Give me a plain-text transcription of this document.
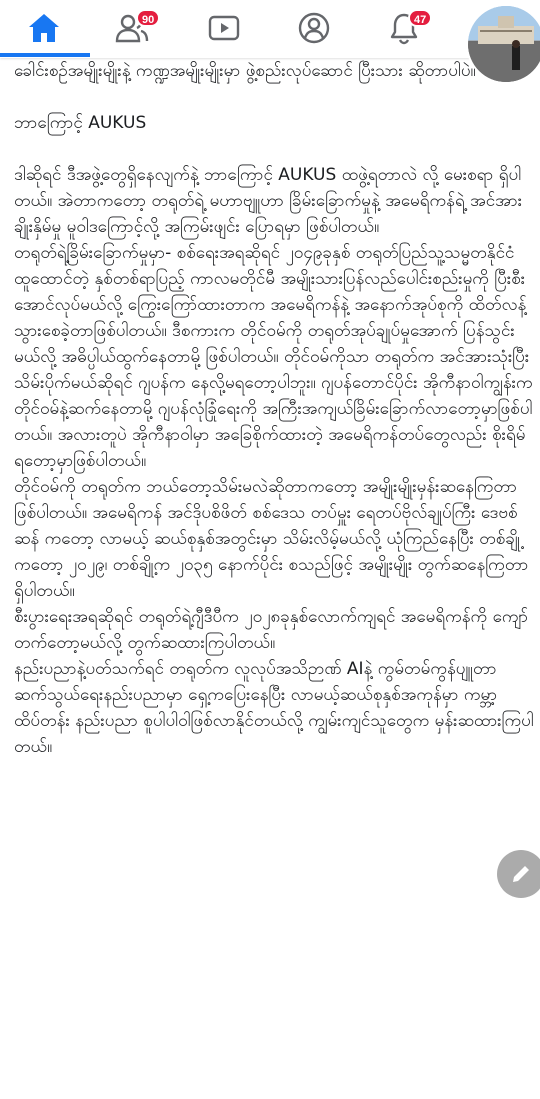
90	47

ခေါင်းစဉ်အမျိုးမျိုးနဲ့ ကဏ္ဍအမျိုးမျိုးမှာ ဖွဲ့စည်းလုပ်ဆောင် ပြီးသား ဆိုတာပါပဲ။

ဘာကြောင့် AUKUS

ဒါဆိုရင် ဒီအဖွဲ့တွေရှိနေလျက်နဲ့ ဘာကြောင့် AUKUS ထဖွဲ့ရတာလဲ လို့ မေးစရာ ရှိပါတယ်။ အဲတာကတော့ တရုတ်ရဲ့ မဟာဗျူဟာ ခြိမ်းခြောက်မှုနဲ့ အမေရိကန်ရဲ့ အင်အားချိုးနှိမ်မှု မူဝါဒကြောင့်လို့ အကြမ်းဖျင်း ပြောရမှာ ဖြစ်ပါတယ်။
တရုတ်ရဲ့ခြိမ်းခြောက်မှုမှာ- စစ်ရေးအရဆိုရင် ၂၀၄၉ခုနှစ် တရုတ်ပြည်သူ့သမ္မတနိုင်ငံထူထောင်တဲ့ နှစ်တစ်ရာပြည့် ကာလမတိုင်မီ အမျိုးသားပြန်လည်ပေါင်းစည်းမှုကို ပြီးစီးအောင်လုပ်မယ်လို့ ကြွေးကြော်ထားတာက အမေရိကန်နဲ့ အနောက်အုပ်စုကို ထိတ်လန့်သွားစေခဲ့တာဖြစ်ပါတယ်။ ဒီစကားက တိုင်ဝမ်ကို တရုတ်အုပ်ချုပ်မှုအောက် ပြန်သွင်းမယ်လို့ အဓိပ္ပါယ်ထွက်နေတာမို့ ဖြစ်ပါတယ်။ တိုင်ဝမ်ကိုသာ တရုတ်က အင်အားသုံးပြီးသိမ်းပိုက်မယ်ဆိုရင် ဂျပန်က နေလို့မရတော့ပါဘူး။ ဂျပန်တောင်ပိုင်း အိုကီနာဝါကျွန်းက တိုင်ဝမ်နဲ့ဆက်နေတာမို့ ဂျပန်လုံခြုံရေးကို အကြီးအကျယ်ခြိမ်းခြောက်လာတော့မှာဖြစ်ပါတယ်။ အလားတူပဲ အိုကီနာဝါမှာ အခြေစိုက်ထားတဲ့ အမေရိကန်တပ်တွေလည်း စိုးရိမ်ရတော့မှာဖြစ်ပါတယ်။
တိုင်ဝမ်ကို တရုတ်က ဘယ်တော့သိမ်းမလဲဆိုတာကတော့ အမျိုးမျိုးမှန်းဆနေကြတာဖြစ်ပါတယ်။ အမေရိကန် အင်ဒိုပစိဖိတ် စစ်ဒေသ တပ်မှူး ရေတပ်ဗိုလ်ချုပ်ကြီး ဒေဗစ်ဆန် ကတော့ လာမယ့် ဆယ်စုနှစ်အတွင်းမှာ သိမ်းလိမ့်မယ်လို့ ယုံကြည်နေပြီး တစ်ချို့ကတော့ ၂၀၂၉၊ တစ်ချို့က ၂၀၃၅ နောက်ပိုင်း စသည်ဖြင့် အမျိုးမျိုး တွက်ဆနေကြတာရှိပါတယ်။
စီးပွားရေးအရဆိုရင် တရုတ်ရဲ့ဂျီဒီပီက ၂၀၂၈ခုနှစ်လောက်ကျရင် အမေရိကန်ကို ကျော်တက်တော့မယ်လို့ တွက်ဆထားကြပါတယ်။
နည်းပညာနဲ့ပတ်သက်ရင် တရုတ်က လူလုပ်အသိဉာဏ် AIနဲ့ ကွမ်တမ်ကွန်ပျူတာ ဆက်သွယ်ရေးနည်းပညာမှာ ရှေ့ကပြေးနေပြီး လာမယ့်ဆယ်စုနှစ်အကုန်မှာ ကမ္ဘာ့ထိပ်တန်း နည်းပညာ စူပါပါဝါဖြစ်လာနိုင်တယ်လို့ ကျွမ်းကျင်သူတွေက မှန်းဆထားကြပါတယ်။
